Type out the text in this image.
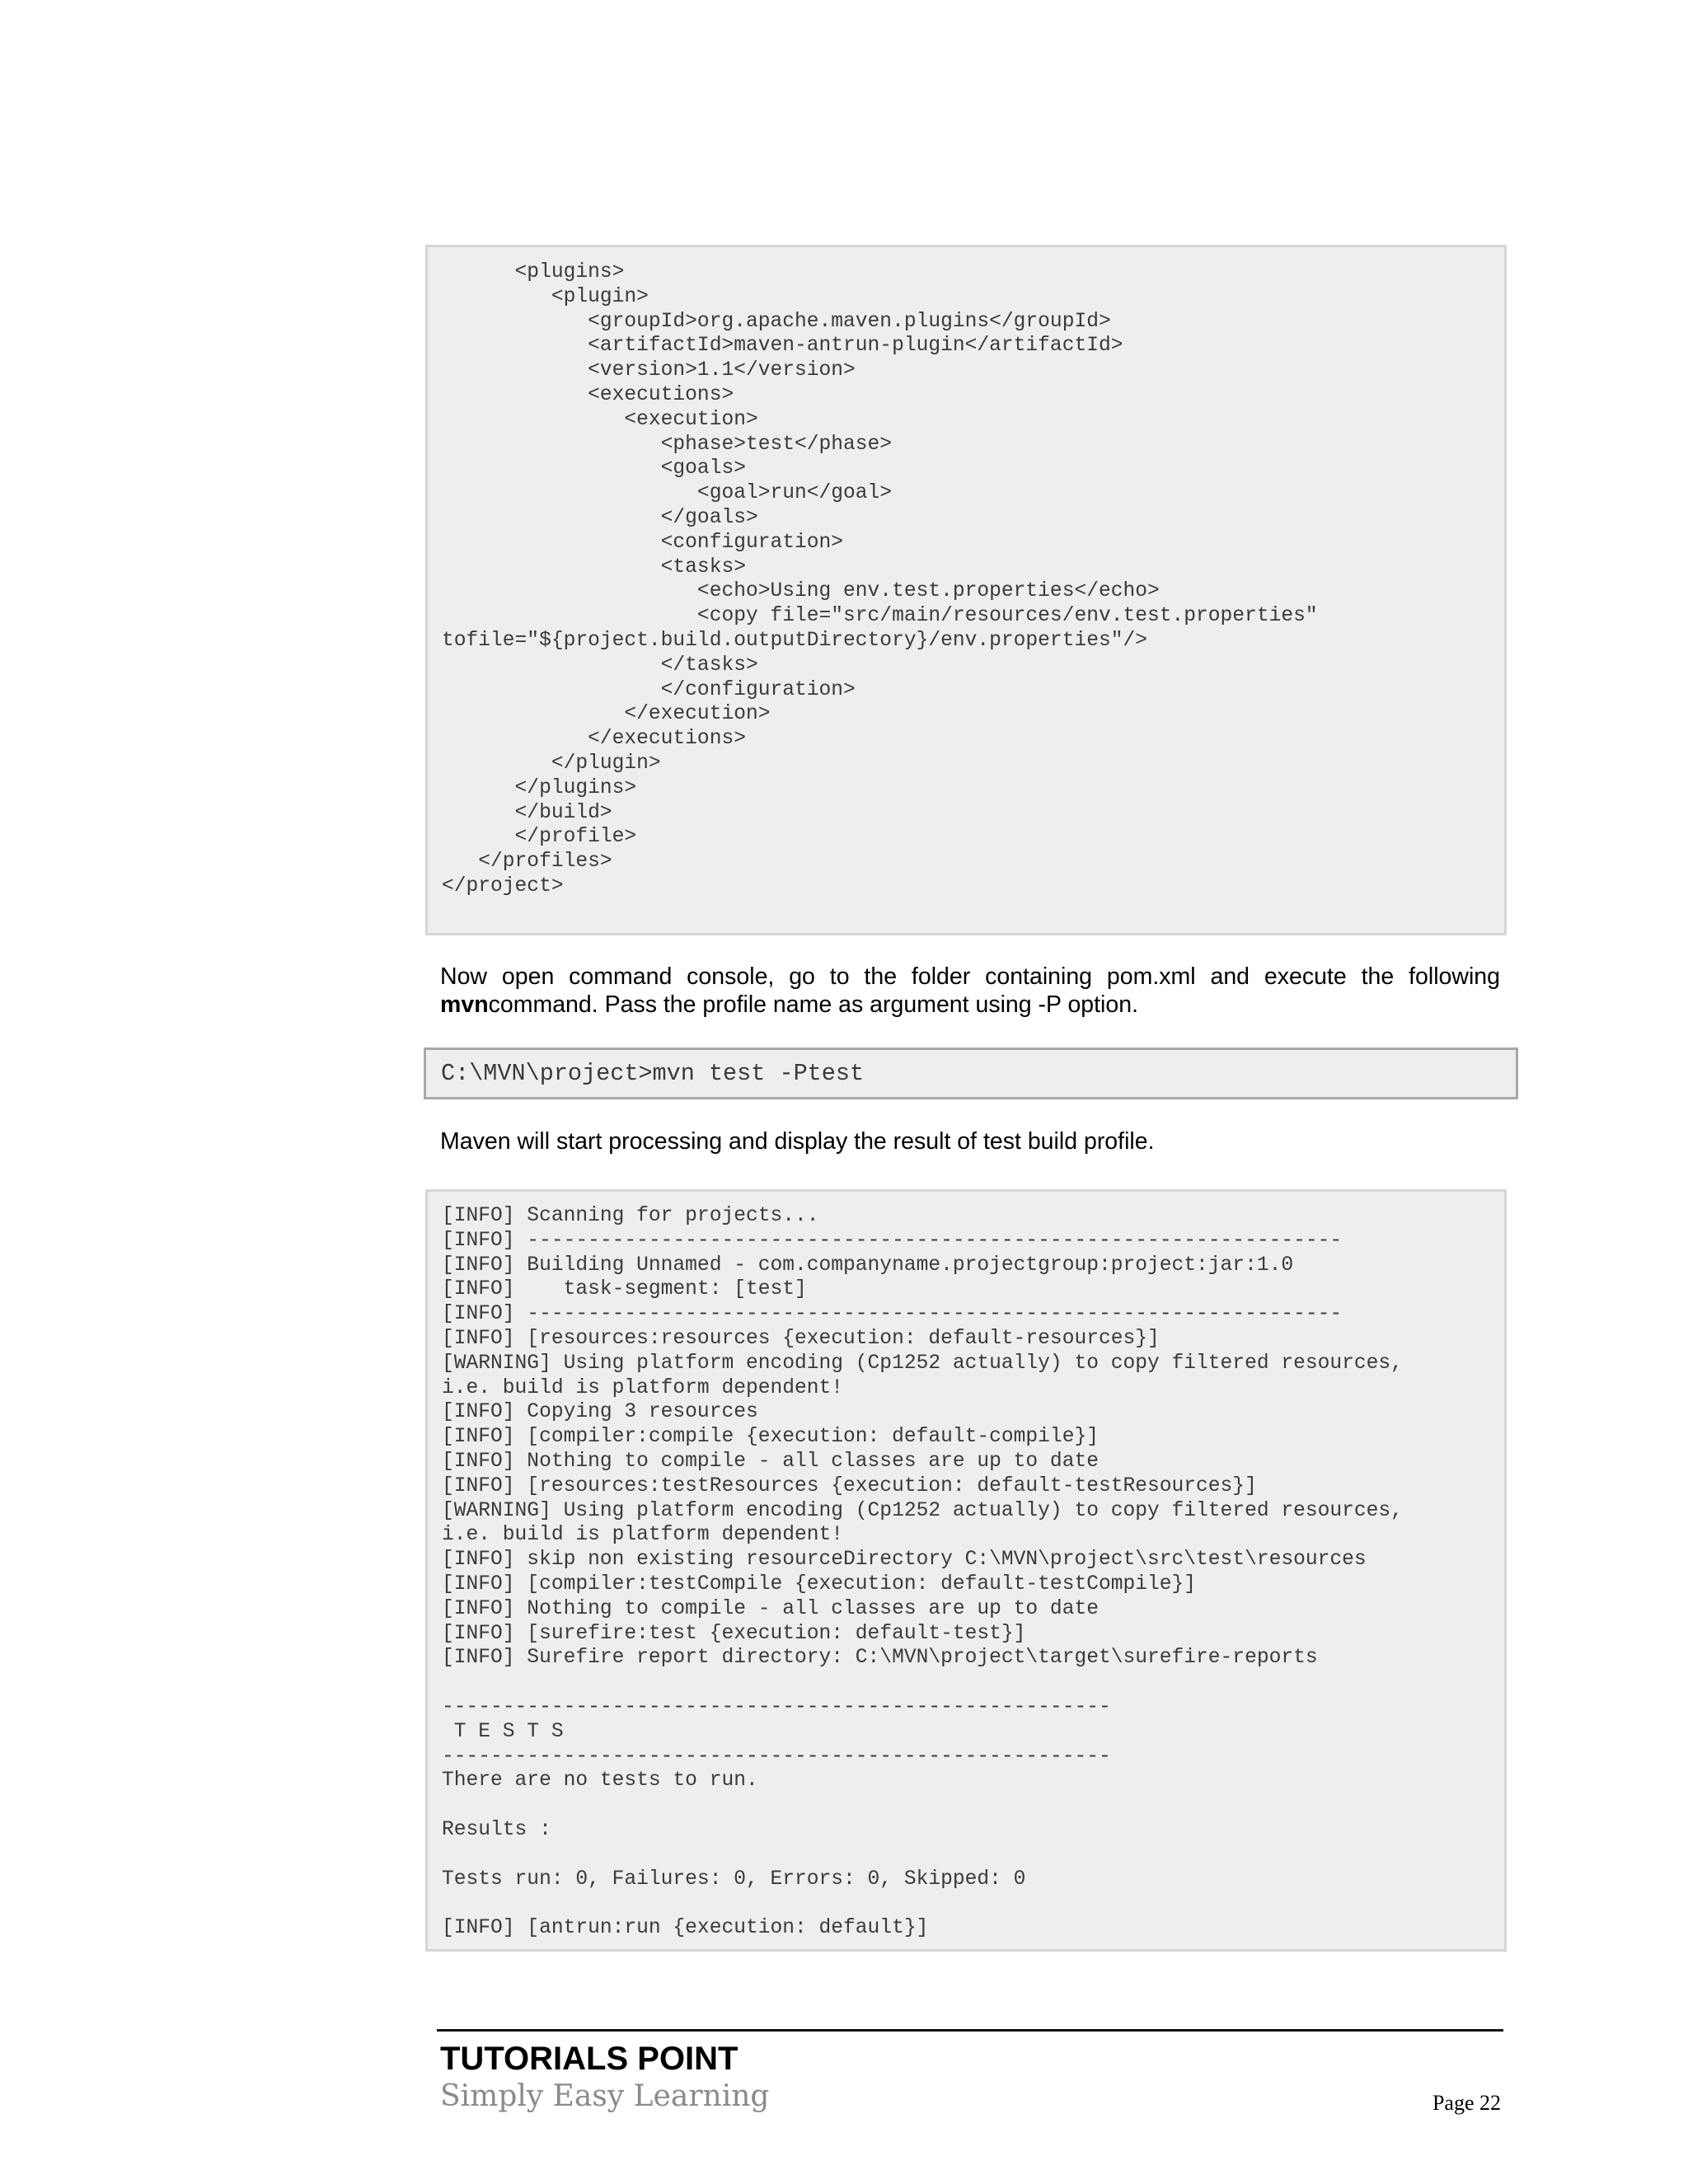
<plugins>
<plugin>
<groupId>org.apache.maven.plugins</groupId>
<artifactId>maven-antrun-plugin</artifactId>
<version>1.1</version>
<executions>
<execution>
<phase>test</phase>
<goals>
<goal>run</goal>
</goals>
<configuration>
<tasks>
<echo>Using env.test.properties</echo>
<copy file="src/main/resources/env.test.properties"
tofile="${project.build.outputDirectory}/env.properties"/>
</tasks>
</configuration>
</execution>
</executions>
</plugin>
</plugins>
</build>
</profile>
</profiles>
</project>

Now open command console, go to the folder containing pom.xml and execute the following mvncommand. Pass the profile name as argument using -P option.

C:\MVN\project>mvn test -Ptest

Maven will start processing and display the result of test build profile.

[INFO] Scanning for projects...
[INFO] -------------------------------------------------------------------
[INFO] Building Unnamed - com.companyname.projectgroup:project:jar:1.0
[INFO]    task-segment: [test]
[INFO] -------------------------------------------------------------------
[INFO] [resources:resources {execution: default-resources}]
[WARNING] Using platform encoding (Cp1252 actually) to copy filtered resources,
i.e. build is platform dependent!
[INFO] Copying 3 resources
[INFO] [compiler:compile {execution: default-compile}]
[INFO] Nothing to compile - all classes are up to date
[INFO] [resources:testResources {execution: default-testResources}]
[WARNING] Using platform encoding (Cp1252 actually) to copy filtered resources,
i.e. build is platform dependent!
[INFO] skip non existing resourceDirectory C:\MVN\project\src\test\resources
[INFO] [compiler:testCompile {execution: default-testCompile}]
[INFO] Nothing to compile - all classes are up to date
[INFO] [surefire:test {execution: default-test}]
[INFO] Surefire report directory: C:\MVN\project\target\surefire-reports

-------------------------------------------------------
T E S T S
-------------------------------------------------------
There are no tests to run.

Results :

Tests run: 0, Failures: 0, Errors: 0, Skipped: 0

[INFO] [antrun:run {execution: default}]
TUTORIALS POINT
Simply Easy Learning	Page 22
